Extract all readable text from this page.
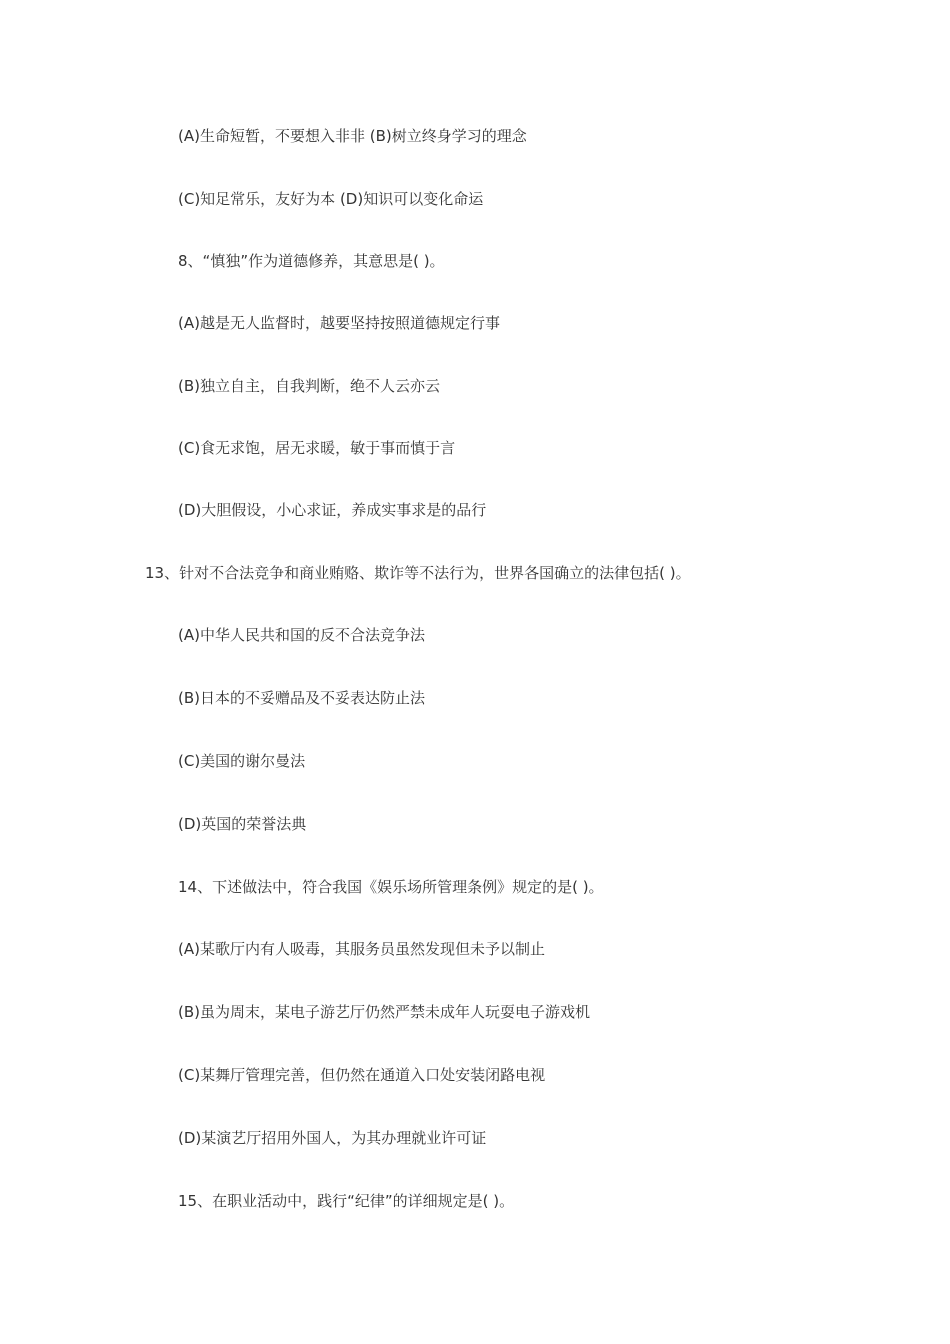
(A)生命短暂，不要想入非非 (B)树立终身学习的理念
(C)知足常乐，友好为本 (D)知识可以变化命运
8、“慎独”作为道德修养，其意思是( )。
(A)越是无人监督时，越要坚持按照道德规定行事
(B)独立自主，自我判断，绝不人云亦云
(C)食无求饱，居无求暖，敏于事而慎于言
(D)大胆假设，小心求证，养成实事求是的品行
13、针对不合法竞争和商业贿赂、欺诈等不法行为，世界各国确立的法律包括( )。
(A)中华人民共和国的反不合法竞争法
(B)日本的不妥赠品及不妥表达防止法
(C)美国的谢尔曼法
(D)英国的荣誉法典
14、下述做法中，符合我国《娱乐场所管理条例》规定的是( )。
(A)某歌厅内有人吸毒，其服务员虽然发现但未予以制止
(B)虽为周末，某电子游艺厅仍然严禁未成年人玩耍电子游戏机
(C)某舞厅管理完善，但仍然在通道入口处安装闭路电视
(D)某演艺厅招用外国人，为其办理就业许可证
15、在职业活动中，践行“纪律”的详细规定是( )。
